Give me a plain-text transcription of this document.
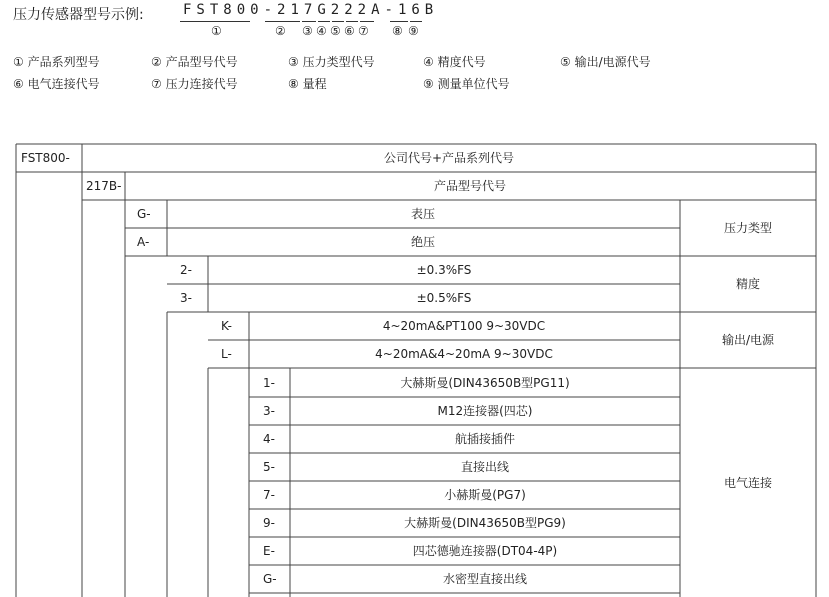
压力传感器型号示例:	FST800-217G222A-16B
①	② ③ ④ ⑤ ⑥ ⑦ ⑧ ⑨
① 产品系列型号	② 产品型号代号	③ 压力类型代号	④ 精度代号	⑤ 输出/电源代号
⑥ 电气连接代号	⑦ 压力连接代号	⑧ 量程	⑨ 测量单位代号
FST800-	公司代号+产品系列代号
217B-	产品型号代号
G-	表压
A-	绝压
压力类型
2-	±0.3%FS
3-	±0.5%FS
精度
K-	4~20mA&PT100 9~30VDC
L-	4~20mA&4~20mA 9~30VDC
输出/电源
1-	大赫斯曼(DIN43650B型PG11)
3-	M12连接器(四芯)
4-	航插接插件
5-	直接出线
7-	小赫斯曼(PG7)
9-	大赫斯曼(DIN43650B型PG9)
E-	四芯德驰连接器(DT04-4P)
G-	水密型直接出线
电气连接
